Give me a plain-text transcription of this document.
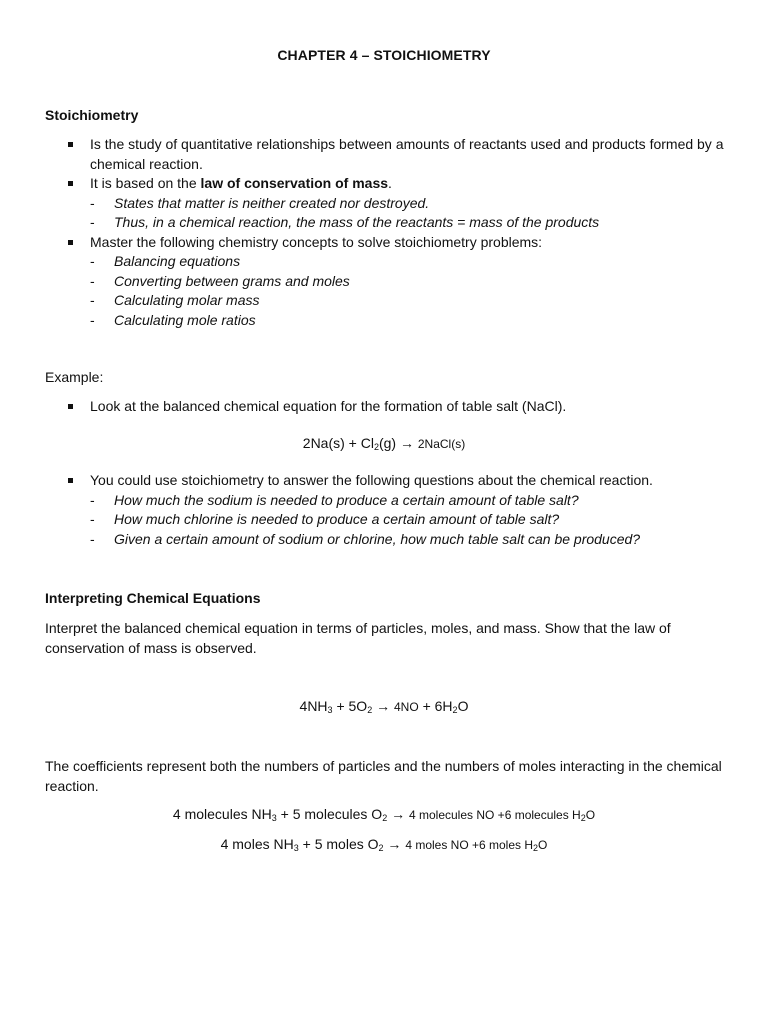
CHAPTER 4 – STOICHIOMETRY
Stoichiometry
Is the study of quantitative relationships between amounts of reactants used and products formed by a chemical reaction.
It is based on the law of conservation of mass.
- States that matter is neither created nor destroyed.
- Thus, in a chemical reaction, the mass of the reactants = mass of the products
Master the following chemistry concepts to solve stoichiometry problems:
- Balancing equations
- Converting between grams and moles
- Calculating molar mass
- Calculating mole ratios
Example:
Look at the balanced chemical equation for the formation of table salt (NaCl).
$2Na(s) + Cl_2(g)$ → 2NaCl(s)
You could use stoichiometry to answer the following questions about the chemical reaction.
- How much the sodium is needed to produce a certain amount of table salt?
- How much chlorine is needed to produce a certain amount of table salt?
- Given a certain amount of sodium or chlorine, how much table salt can be produced?
Interpreting Chemical Equations
Interpret the balanced chemical equation in terms of particles, moles, and mass. Show that the law of conservation of mass is observed.
$4NH_3 + 5O_2 \to 4NO + 6H_2O$
The coefficients represent both the numbers of particles and the numbers of moles interacting in the chemical reaction.
4 molecules $NH_3 + 5$ molecules $O_2 \to 4$ molecules NO +6 molecules $H_2O$
4 moles $NH_3 + 5$ moles $O_2 \to 4$ moles NO +6 moles $H_2O$
